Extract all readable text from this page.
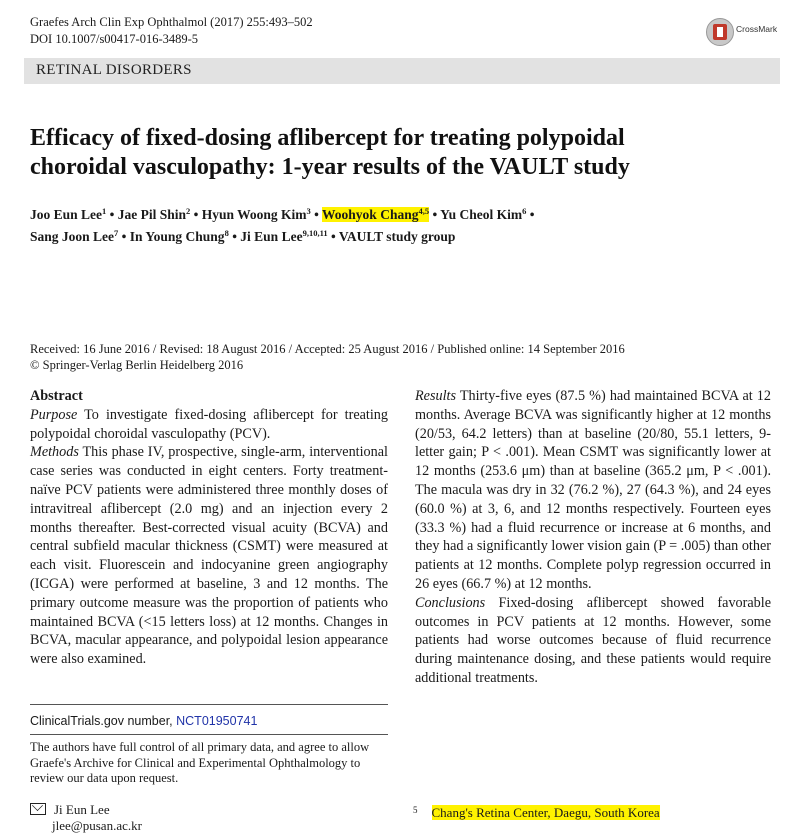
Graefes Arch Clin Exp Ophthalmol (2017) 255:493–502
DOI 10.1007/s00417-016-3489-5
CrossMark
RETINAL DISORDERS
Efficacy of fixed-dosing aflibercept for treating polypoidal
choroidal vasculopathy: 1-year results of the VAULT study
Joo Eun Lee$^1$ • Jae Pil Shin$^2$ • Hyun Woong Kim$^3$ • Woohyok Chang$^{4,5}$ • Yu Cheol Kim$^6$ •
Sang Joon Lee$^7$ • In Young Chung$^8$ • Ji Eun Lee$^{9,10,11}$ • VAULT study group
Received: 16 June 2016 / Revised: 18 August 2016 / Accepted: 25 August 2016 / Published online: 14 September 2016
© Springer-Verlag Berlin Heidelberg 2016
Abstract
Purpose To investigate fixed-dosing aflibercept for treating polypoidal choroidal vasculopathy (PCV).
Methods This phase IV, prospective, single-arm, interventional case series was conducted in eight centers. Forty treatment-naïve PCV patients were administered three monthly doses of intravitreal aflibercept (2.0 mg) and an injection every 2 months thereafter. Best-corrected visual acuity (BCVA) and central subfield macular thickness (CSMT) were measured at each visit. Fluorescein and indocyanine green angiography (ICGA) were performed at baseline, 3 and 12 months. The primary outcome measure was the proportion of patients who maintained BCVA (<15 letters loss) at 12 months. Changes in BCVA, macular appearance, and polypoidal lesion appearance were also examined.
Results Thirty-five eyes (87.5 %) had maintained BCVA at 12 months. Average BCVA was significantly higher at 12 months (20/53, 64.2 letters) than at baseline (20/80, 55.1 letters, 9-letter gain; P < .001). Mean CSMT was significantly lower at 12 months (253.6 μm) than at baseline (365.2 μm, P < .001). The macula was dry in 32 (76.2 %), 27 (64.3 %), and 24 eyes (60.0 %) at 3, 6, and 12 months respectively. Fourteen eyes (33.3 %) had a fluid recurrence or increase at 6 months, and they had a significantly lower vision gain (P = .005) than other patients at 12 months. Complete polyp regression occurred in 26 eyes (66.7 %) at 12 months.
Conclusions Fixed-dosing aflibercept showed favorable outcomes in PCV patients at 12 months. However, some patients had worse outcomes because of fluid recurrence during maintenance dosing, and these patients would require additional treatments.
ClinicalTrials.gov number, NCT01950741
The authors have full control of all primary data, and agree to allow Graefe's Archive for Clinical and Experimental Ophthalmology to review our data upon request.
Ji Eun Lee
jlee@pusan.ac.kr
$^5$ Chang's Retina Center, Daegu, South Korea
